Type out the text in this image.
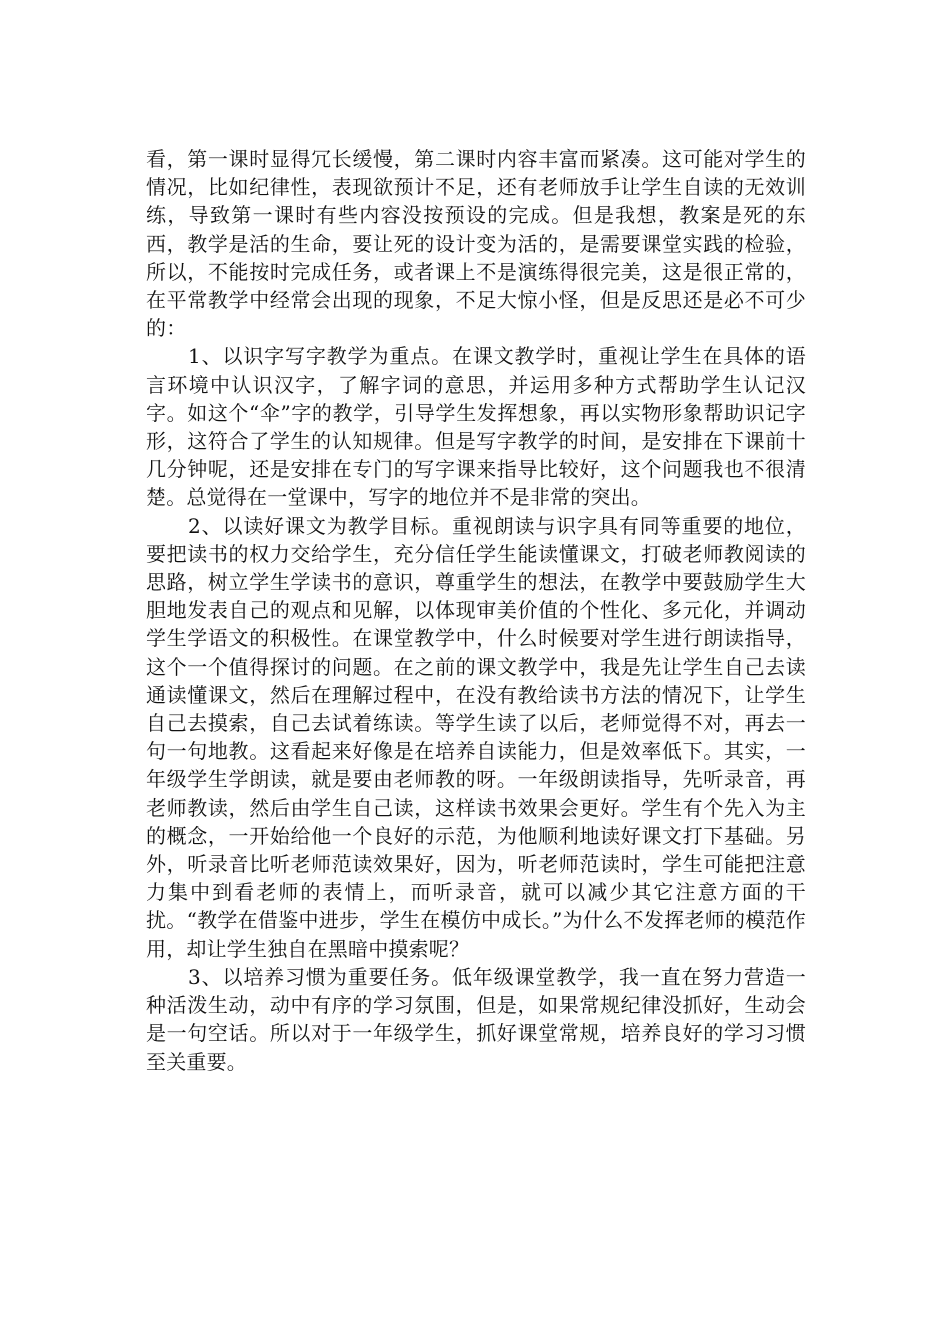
看，第一课时显得冗长缓慢，第二课时内容丰富而紧凑。这可能对学生的情况，比如纪律性，表现欲预计不足，还有老师放手让学生自读的无效训练，导致第一课时有些内容没按预设的完成。但是我想，教案是死的东西，教学是活的生命，要让死的设计变为活的，是需要课堂实践的检验，所以，不能按时完成任务，或者课上不是演练得很完美，这是很正常的，在平常教学中经常会出现的现象，不足大惊小怪，但是反思还是必不可少的：

1、以识字写字教学为重点。在课文教学时，重视让学生在具体的语言环境中认识汉字，了解字词的意思，并运用多种方式帮助学生认记汉字。如这个“伞”字的教学，引导学生发挥想象，再以实物形象帮助识记字形，这符合了学生的认知规律。但是写字教学的时间，是安排在下课前十几分钟呢，还是安排在专门的写字课来指导比较好，这个问题我也不很清楚。总觉得在一堂课中，写字的地位并不是非常的突出。

2、以读好课文为教学目标。重视朗读与识字具有同等重要的地位，要把读书的权力交给学生，充分信任学生能读懂课文，打破老师教阅读的思路，树立学生学读书的意识，尊重学生的想法，在教学中要鼓励学生大胆地发表自己的观点和见解，以体现审美价值的个性化、多元化，并调动学生学语文的积极性。在课堂教学中，什么时候要对学生进行朗读指导，这个一个值得探讨的问题。在之前的课文教学中，我是先让学生自己去读通读懂课文，然后在理解过程中，在没有教给读书方法的情况下，让学生自己去摸索，自己去试着练读。等学生读了以后，老师觉得不对，再去一句一句地教。这看起来好像是在培养自读能力，但是效率低下。其实，一年级学生学朗读，就是要由老师教的呀。一年级朗读指导，先听录音，再老师教读，然后由学生自己读，这样读书效果会更好。学生有个先入为主的概念，一开始给他一个良好的示范，为他顺利地读好课文打下基础。另外，听录音比听老师范读效果好，因为，听老师范读时，学生可能把注意力集中到看老师的表情上，而听录音，就可以减少其它注意方面的干扰。“教学在借鉴中进步，学生在模仿中成长。”为什么不发挥老师的模范作用，却让学生独自在黑暗中摸索呢？

3、以培养习惯为重要任务。低年级课堂教学，我一直在努力营造一种活泼生动，动中有序的学习氛围，但是，如果常规纪律没抓好，生动会是一句空话。所以对于一年级学生，抓好课堂常规，培养良好的学习习惯至关重要。
